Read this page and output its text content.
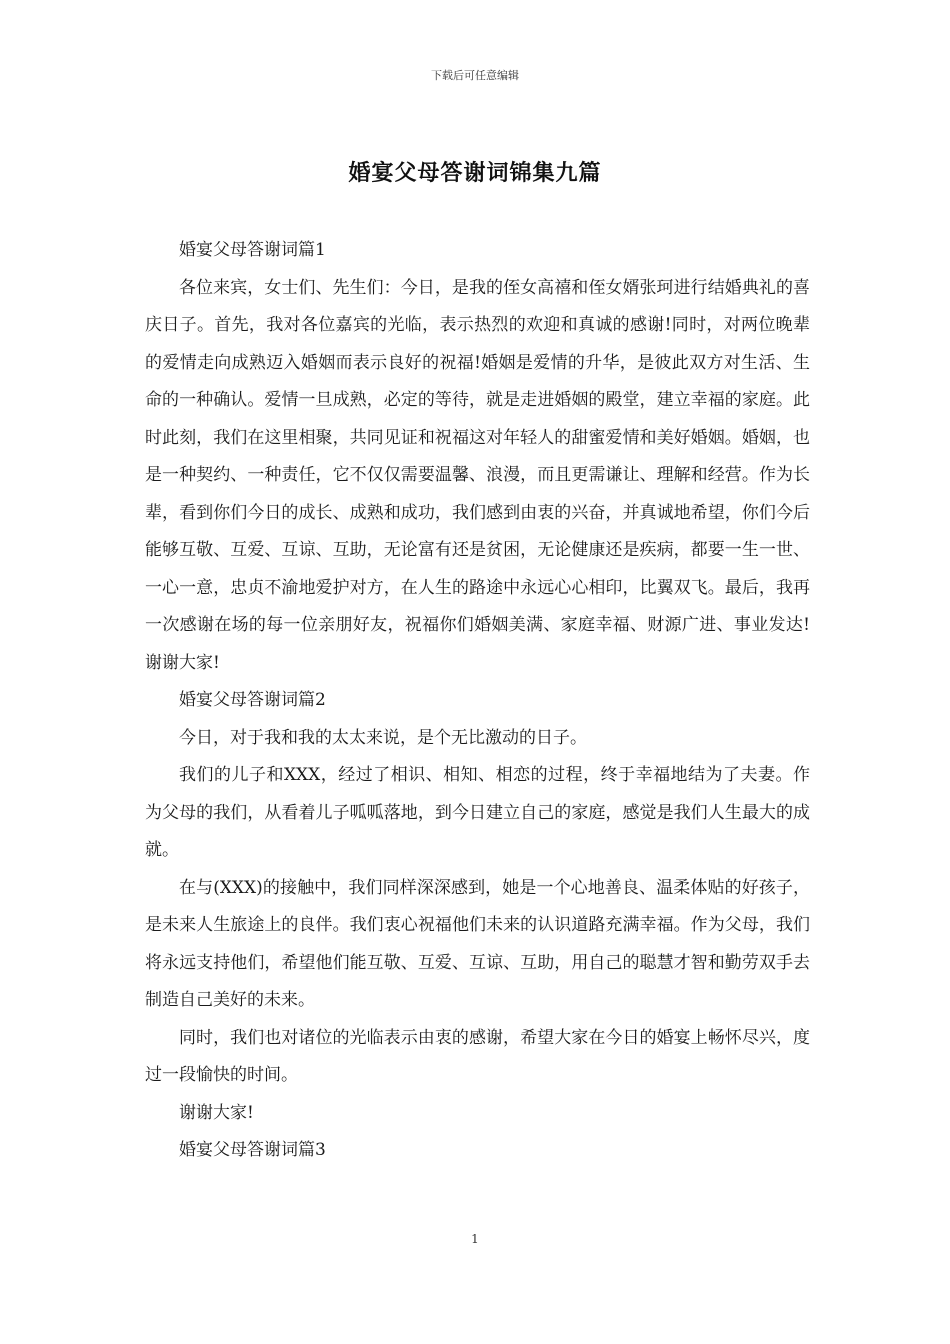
下载后可任意编辑
婚宴父母答谢词锦集九篇

婚宴父母答谢词篇1

各位来宾，女士们、先生们：今日，是我的侄女高禧和侄女婿张珂进行结婚典礼的喜庆日子。首先，我对各位嘉宾的光临，表示热烈的欢迎和真诚的感谢!同时，对两位晚辈的爱情走向成熟迈入婚姻而表示良好的祝福!婚姻是爱情的升华，是彼此双方对生活、生命的一种确认。爱情一旦成熟，必定的等待，就是走进婚姻的殿堂，建立幸福的家庭。此时此刻，我们在这里相聚，共同见证和祝福这对年轻人的甜蜜爱情和美好婚姻。婚姻，也是一种契约、一种责任，它不仅仅需要温馨、浪漫，而且更需谦让、理解和经营。作为长辈，看到你们今日的成长、成熟和成功，我们感到由衷的兴奋，并真诚地希望，你们今后能够互敬、互爱、互谅、互助，无论富有还是贫困，无论健康还是疾病，都要一生一世、一心一意，忠贞不渝地爱护对方，在人生的路途中永远心心相印，比翼双飞。最后，我再一次感谢在场的每一位亲朋好友，祝福你们婚姻美满、家庭幸福、财源广进、事业发达!谢谢大家!

婚宴父母答谢词篇2

今日，对于我和我的太太来说，是个无比激动的日子。

我们的儿子和XXX，经过了相识、相知、相恋的过程，终于幸福地结为了夫妻。作为父母的我们，从看着儿子呱呱落地，到今日建立自己的家庭，感觉是我们人生最大的成就。

在与(XXX)的接触中，我们同样深深感到，她是一个心地善良、温柔体贴的好孩子，是未来人生旅途上的良伴。我们衷心祝福他们未来的认识道路充满幸福。作为父母，我们将永远支持他们，希望他们能互敬、互爱、互谅、互助，用自己的聪慧才智和勤劳双手去制造自己美好的未来。

同时，我们也对诸位的光临表示由衷的感谢，希望大家在今日的婚宴上畅怀尽兴，度过一段愉快的时间。

谢谢大家!

婚宴父母答谢词篇3

1
